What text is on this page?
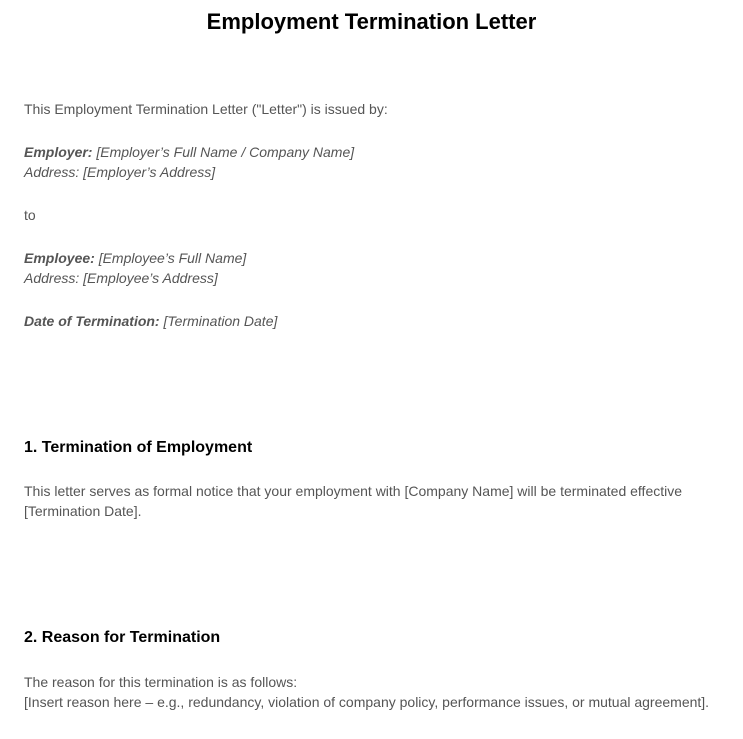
Employment Termination Letter
This Employment Termination Letter ("Letter") is issued by:
Employer: [Employer’s Full Name / Company Name]
Address: [Employer’s Address]
to
Employee: [Employee’s Full Name]
Address: [Employee’s Address]
Date of Termination: [Termination Date]
1. Termination of Employment
This letter serves as formal notice that your employment with [Company Name] will be terminated effective [Termination Date].
2. Reason for Termination
The reason for this termination is as follows:
[Insert reason here – e.g., redundancy, violation of company policy, performance issues, or mutual agreement].
